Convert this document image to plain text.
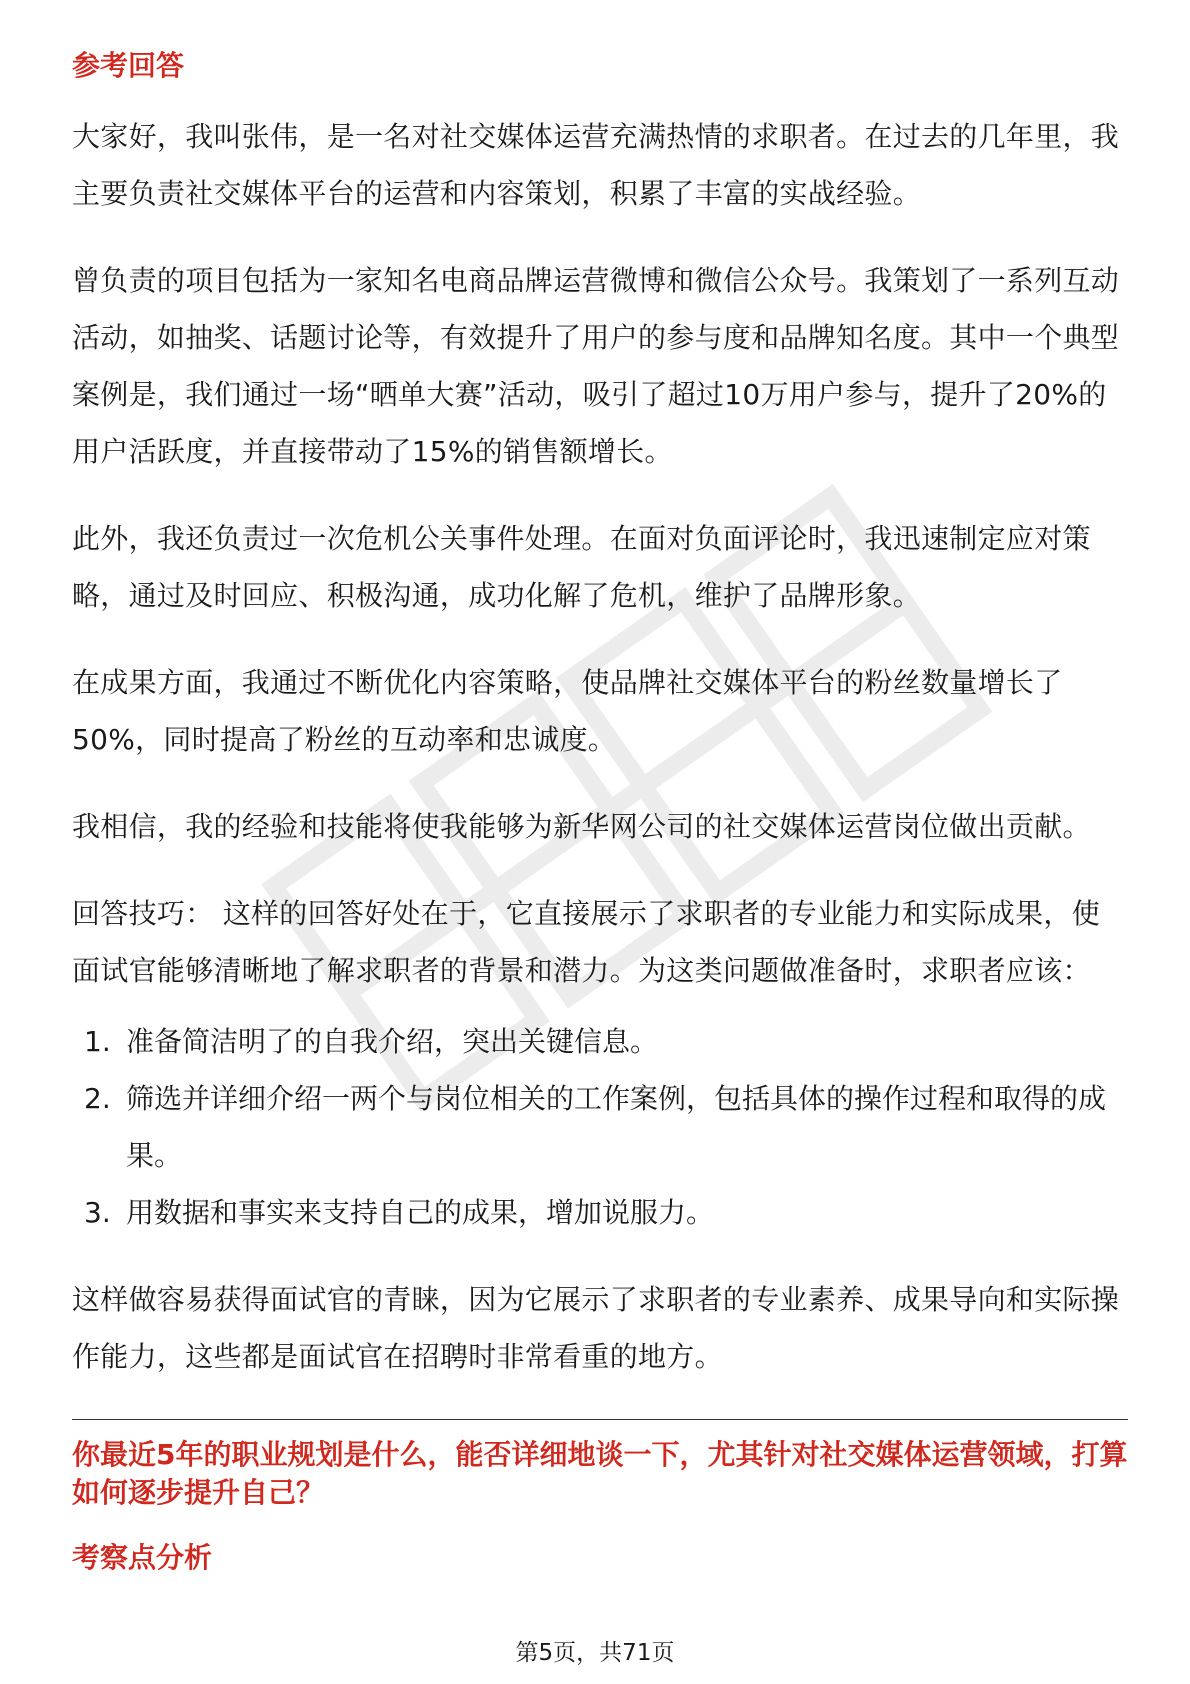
参考回答

大家好，我叫张伟，是一名对社交媒体运营充满热情的求职者。在过去的几年里，我主要负责社交媒体平台的运营和内容策划，积累了丰富的实战经验。

曾负责的项目包括为一家知名电商品牌运营微博和微信公众号。我策划了一系列互动活动，如抽奖、话题讨论等，有效提升了用户的参与度和品牌知名度。其中一个典型案例是，我们通过一场“晒单大赛”活动，吸引了超过10万用户参与，提升了20%的用户活跃度，并直接带动了15%的销售额增长。

此外，我还负责过一次危机公关事件处理。在面对负面评论时，我迅速制定应对策略，通过及时回应、积极沟通，成功化解了危机，维护了品牌形象。

在成果方面，我通过不断优化内容策略，使品牌社交媒体平台的粉丝数量增长了50%，同时提高了粉丝的互动率和忠诚度。

我相信，我的经验和技能将使我能够为新华网公司的社交媒体运营岗位做出贡献。

回答技巧： 这样的回答好处在于，它直接展示了求职者的专业能力和实际成果，使面试官能够清晰地了解求职者的背景和潜力。为这类问题做准备时，求职者应该：

1. 准备简洁明了的自我介绍，突出关键信息。
2. 筛选并详细介绍一两个与岗位相关的工作案例，包括具体的操作过程和取得的成果。
3. 用数据和事实来支持自己的成果，增加说服力。

这样做容易获得面试官的青睐，因为它展示了求职者的专业素养、成果导向和实际操作能力，这些都是面试官在招聘时非常看重的地方。

你最近5年的职业规划是什么，能否详细地谈一下，尤其针对社交媒体运营领域，打算如何逐步提升自己？
考察点分析
第5页，共71页
